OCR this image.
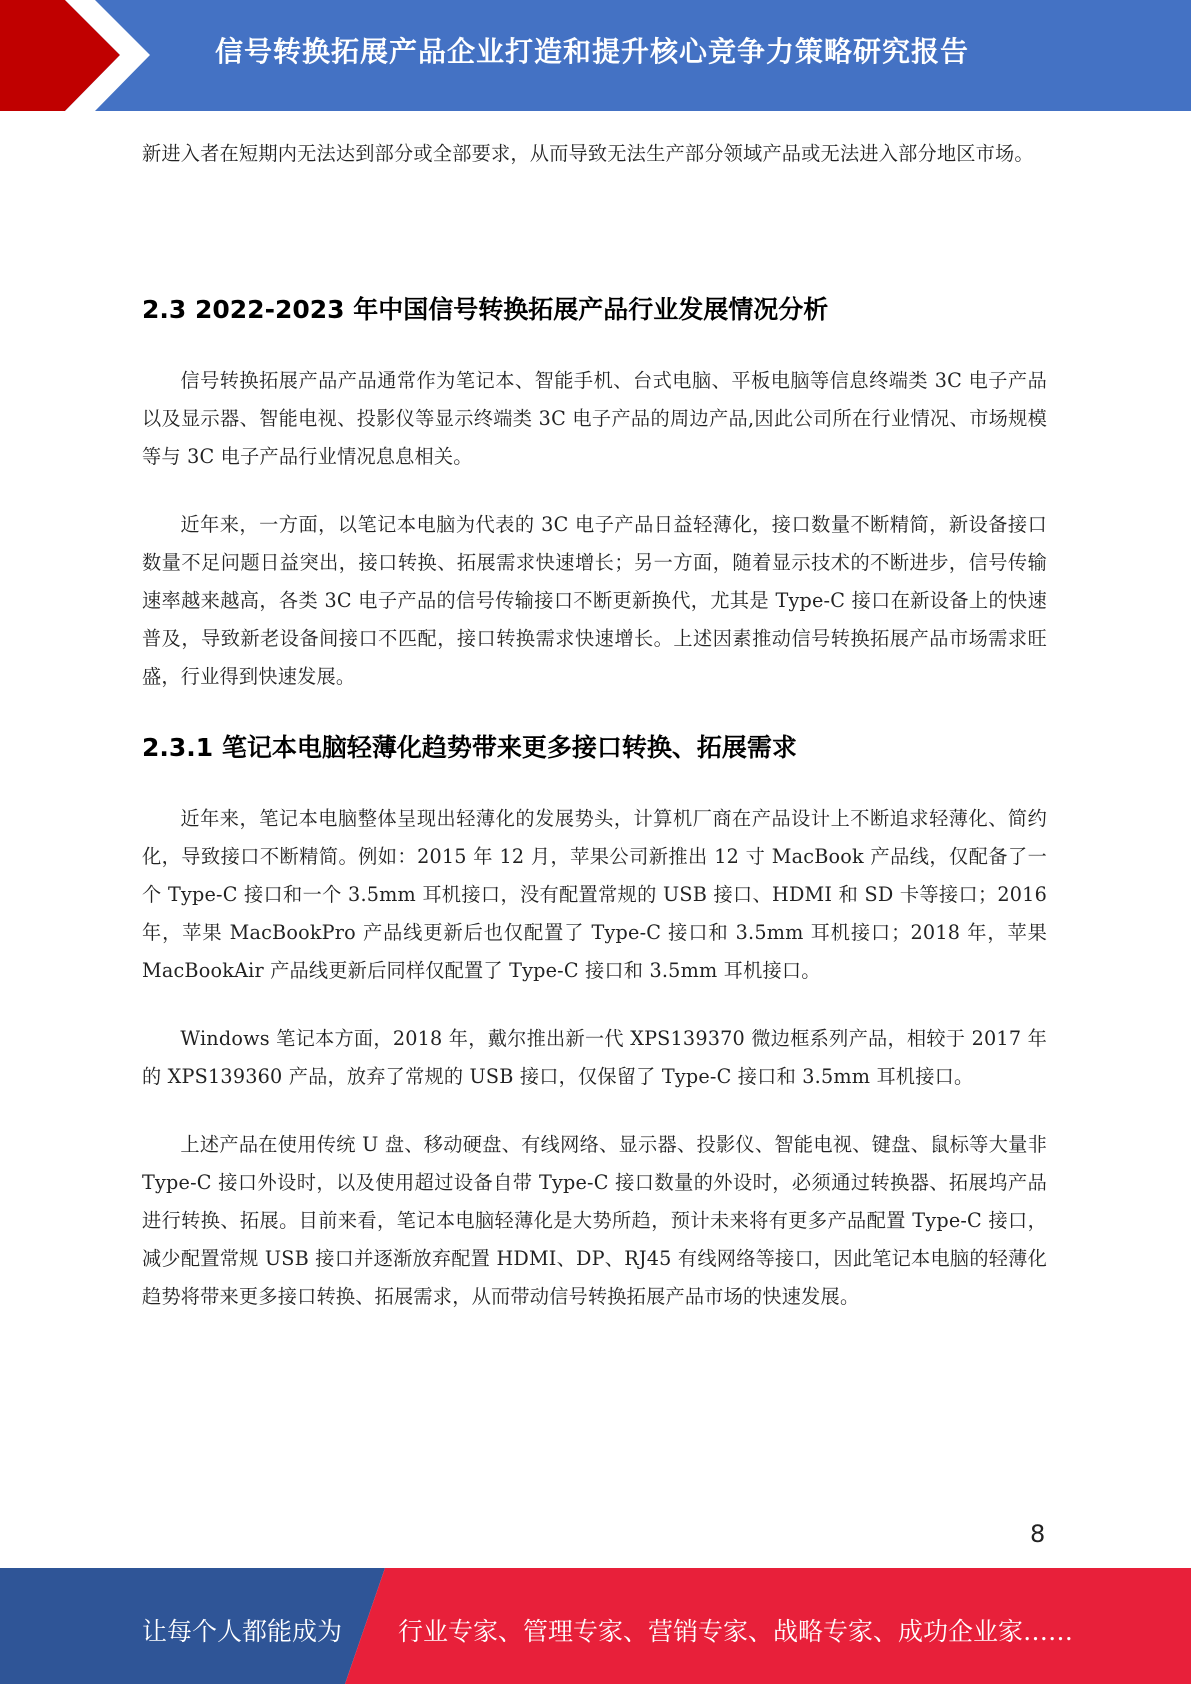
信号转换拓展产品企业打造和提升核心竞争力策略研究报告

新进入者在短期内无法达到部分或全部要求，从而导致无法生产部分领域产品或无法进入部分地区市场。

2.3 2022-2023 年中国信号转换拓展产品行业发展情况分析

信号转换拓展产品产品通常作为笔记本、智能手机、台式电脑、平板电脑等信息终端类 3C 电子产品以及显示器、智能电视、投影仪等显示终端类 3C 电子产品的周边产品,因此公司所在行业情况、市场规模等与 3C 电子产品行业情况息息相关。

近年来，一方面，以笔记本电脑为代表的 3C 电子产品日益轻薄化，接口数量不断精简，新设备接口数量不足问题日益突出，接口转换、拓展需求快速增长；另一方面，随着显示技术的不断进步，信号传输速率越来越高，各类 3C 电子产品的信号传输接口不断更新换代，尤其是 Type-C 接口在新设备上的快速普及，导致新老设备间接口不匹配，接口转换需求快速增长。上述因素推动信号转换拓展产品市场需求旺盛，行业得到快速发展。

2.3.1 笔记本电脑轻薄化趋势带来更多接口转换、拓展需求

近年来，笔记本电脑整体呈现出轻薄化的发展势头，计算机厂商在产品设计上不断追求轻薄化、简约化，导致接口不断精简。例如：2015 年 12 月，苹果公司新推出 12 寸 MacBook 产品线，仅配备了一个 Type-C 接口和一个 3.5mm 耳机接口，没有配置常规的 USB 接口、HDMI 和 SD 卡等接口；2016 年，苹果 MacBookPro 产品线更新后也仅配置了 Type-C 接口和 3.5mm 耳机接口；2018 年，苹果 MacBookAir 产品线更新后同样仅配置了 Type-C 接口和 3.5mm 耳机接口。

Windows 笔记本方面，2018 年，戴尔推出新一代 XPS139370 微边框系列产品，相较于 2017 年的 XPS139360 产品，放弃了常规的 USB 接口，仅保留了 Type-C 接口和 3.5mm 耳机接口。

上述产品在使用传统 U 盘、移动硬盘、有线网络、显示器、投影仪、智能电视、键盘、鼠标等大量非 Type-C 接口外设时，以及使用超过设备自带 Type-C 接口数量的外设时，必须通过转换器、拓展坞产品进行转换、拓展。目前来看，笔记本电脑轻薄化是大势所趋，预计未来将有更多产品配置 Type-C 接口，减少配置常规 USB 接口并逐渐放弃配置 HDMI、DP、RJ45 有线网络等接口，因此笔记本电脑的轻薄化趋势将带来更多接口转换、拓展需求，从而带动信号转换拓展产品市场的快速发展。

8
让每个人都能成为 行业专家、管理专家、营销专家、战略专家、成功企业家……
